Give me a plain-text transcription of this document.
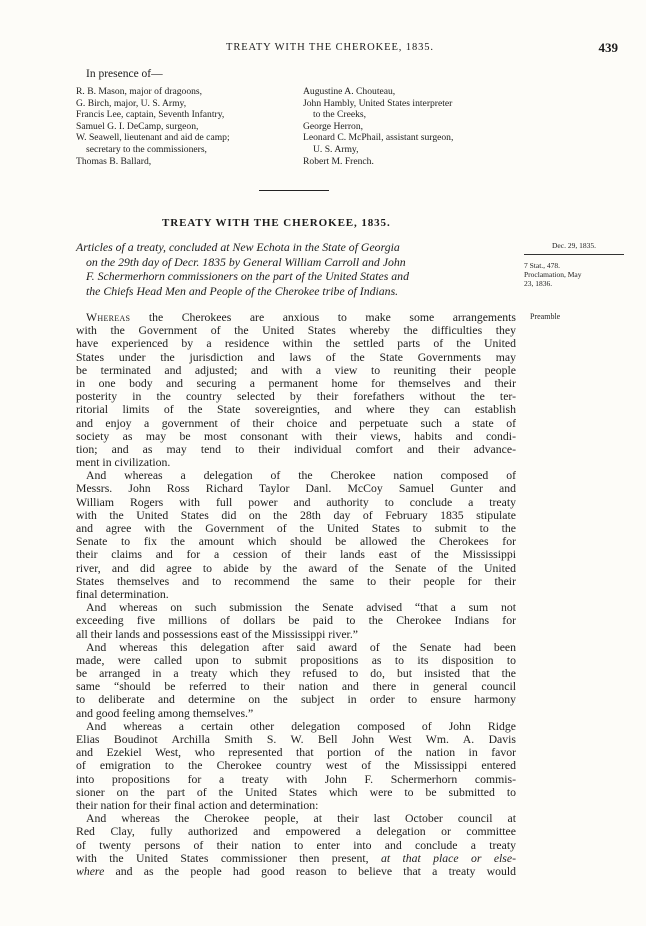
TREATY WITH THE CHEROKEE, 1835.	439
In presence of—
R. B. Mason, major of dragoons,
G. Birch, major, U. S. Army,
Francis Lee, captain, Seventh Infantry,
Samuel G. I. DeCamp, surgeon,
W. Seawell, lieutenant and aid de camp;
secretary to the commissioners,
Thomas B. Ballard,
Augustine A. Chouteau,
John Hambly, United States interpreter
to the Creeks,
George Herron,
Leonard C. McPhail, assistant surgeon,
U. S. Army,
Robert M. French.
TREATY WITH THE CHEROKEE, 1835.
Articles of a treaty, concluded at New Echota in the State of Georgia
on the 29th day of Decr. 1835 by General William Carroll and John
F. Schermerhorn commissioners on the part of the United States and
the Chiefs Head Men and People of the Cherokee tribe of Indians.
Dec. 29, 1835.
7 Stat., 478.
Proclamation, May
23, 1836.
Preamble
Whereas the Cherokees are anxious to make some arrangements
with the Government of the United States whereby the difficulties they
have experienced by a residence within the settled parts of the United
States under the jurisdiction and laws of the State Governments may
be terminated and adjusted; and with a view to reuniting their people
in one body and securing a permanent home for themselves and their
posterity in the country selected by their forefathers without the ter-
ritorial limits of the State sovereignties, and where they can establish
and enjoy a government of their choice and perpetuate such a state of
society as may be most consonant with their views, habits and condi-
tion; and as may tend to their individual comfort and their advance-
ment in civilization.
And whereas a delegation of the Cherokee nation composed of
Messrs. John Ross Richard Taylor Danl. McCoy Samuel Gunter and
William Rogers with full power and authority to conclude a treaty
with the United States did on the 28th day of February 1835 stipulate
and agree with the Government of the United States to submit to the
Senate to fix the amount which should be allowed the Cherokees for
their claims and for a cession of their lands east of the Mississippi
river, and did agree to abide by the award of the Senate of the United
States themselves and to recommend the same to their people for their
final determination.
And whereas on such submission the Senate advised “that a sum not
exceeding five millions of dollars be paid to the Cherokee Indians for
all their lands and possessions east of the Mississippi river.”
And whereas this delegation after said award of the Senate had been
made, were called upon to submit propositions as to its disposition to
be arranged in a treaty which they refused to do, but insisted that the
same “should be referred to their nation and there in general council
to deliberate and determine on the subject in order to ensure harmony
and good feeling among themselves.”
And whereas a certain other delegation composed of John Ridge
Elias Boudinot Archilla Smith S. W. Bell John West Wm. A. Davis
and Ezekiel West, who represented that portion of the nation in favor
of emigration to the Cherokee country west of the Mississippi entered
into propositions for a treaty with John F. Schermerhorn commis-
sioner on the part of the United States which were to be submitted to
their nation for their final action and determination:
And whereas the Cherokee people, at their last October council at
Red Clay, fully authorized and empowered a delegation or committee
of twenty persons of their nation to enter into and conclude a treaty
with the United States commissioner then present, at that place or else-
where and as the people had good reason to believe that a treaty would
